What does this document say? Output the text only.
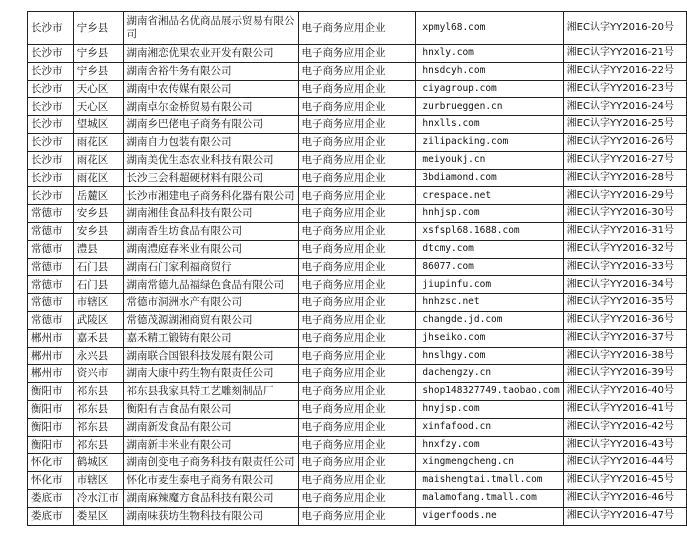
长沙市	宁乡县	湖南省湘品名优商品展示贸易有限公司	电子商务应用企业	xpmyl68.com	湘EC认字YY2016-20号
长沙市	宁乡县	湖南湘恋优果农业开发有限公司	电子商务应用企业	hnxly.com	湘EC认字YY2016-21号
长沙市	宁乡县	湖南舍裕牛务有限公司	电子商务应用企业	hnsdcyh.com	湘EC认字YY2016-22号
长沙市	天心区	湖南中农传媒有限公司	电子商务应用企业	ciyagroup.com	湘EC认字YY2016-23号
长沙市	天心区	湖南卓尔金桥贸易有限公司	电子商务应用企业	zurbrueggen.cn	湘EC认字YY2016-24号
长沙市	望城区	湖南乡巴佬电子商务有限公司	电子商务应用企业	hnxlls.com	湘EC认字YY2016-25号
长沙市	雨花区	湖南自力包装有限公司	电子商务应用企业	zilipacking.com	湘EC认字YY2016-26号
长沙市	雨花区	湖南美优生态农业科技有限公司	电子商务应用企业	meiyoukj.cn	湘EC认字YY2016-27号
长沙市	雨花区	长沙三会科超硬材料有限公司	电子商务应用企业	3bdiamond.com	湘EC认字YY2016-28号
长沙市	岳麓区	长沙市湘建电子商务科化器有限公司	电子商务应用企业	crespace.net	湘EC认字YY2016-29号
常德市	安乡县	湖南湘佳食品科技有限公司	电子商务应用企业	hnhjsp.com	湘EC认字YY2016-30号
常德市	安乡县	湖南香生坊食品有限公司	电子商务应用企业	xsfspl68.1688.com	湘EC认字YY2016-31号
常德市	澧县	湖南澧庭春米业有限公司	电子商务应用企业	dtcmy.com	湘EC认字YY2016-32号
常德市	石门县	湖南石门家利福商贸行	电子商务应用企业	86077.com	湘EC认字YY2016-33号
常德市	石门县	湖南常德九品福绿色食品有限公司	电子商务应用企业	jiupinfu.com	湘EC认字YY2016-34号
常德市	市辖区	常德市洞洲水产有限公司	电子商务应用企业	hnhzsc.net	湘EC认字YY2016-35号
常德市	武陵区	常德茂源湖湘商贸有限公司	电子商务应用企业	changde.jd.com	湘EC认字YY2016-36号
郴州市	嘉禾县	嘉禾精工锻铸有限公司	电子商务应用企业	jhseiko.com	湘EC认字YY2016-37号
郴州市	永兴县	湖南联合国银科技发展有限公司	电子商务应用企业	hnslhgy.com	湘EC认字YY2016-38号
郴州市	资兴市	湖南大康中药生物有限责任公司	电子商务应用企业	dachengzy.cn	湘EC认字YY2016-39号
衡阳市	祁东县	祁东县我家具特工艺雕刻制品厂	电子商务应用企业	shop148327749.taobao.com	湘EC认字YY2016-40号
衡阳市	祁东县	衡阳有吉食品有限公司	电子商务应用企业	hnyjsp.com	湘EC认字YY2016-41号
衡阳市	祁东县	湖南新发食品有限公司	电子商务应用企业	xinfafood.cn	湘EC认字YY2016-42号
衡阳市	祁东县	湖南新丰米业有限公司	电子商务应用企业	hnxfzy.com	湘EC认字YY2016-43号
怀化市	鹤城区	湖南创变电子商务科技有限责任公司	电子商务应用企业	xingmengcheng.cn	湘EC认字YY2016-44号
怀化市	市辖区	怀化市麦生泰电子商务有限公司	电子商务应用企业	maishengtai.tmall.com	湘EC认字YY2016-45号
娄底市	冷水江市	湖南麻辣魔方食品科技有限公司	电子商务应用企业	malamofang.tmall.com	湘EC认字YY2016-46号
娄底市	娄星区	湖南味获坊生物科技有限公司	电子商务应用企业	vigerfoods.ne	湘EC认字YY2016-47号
